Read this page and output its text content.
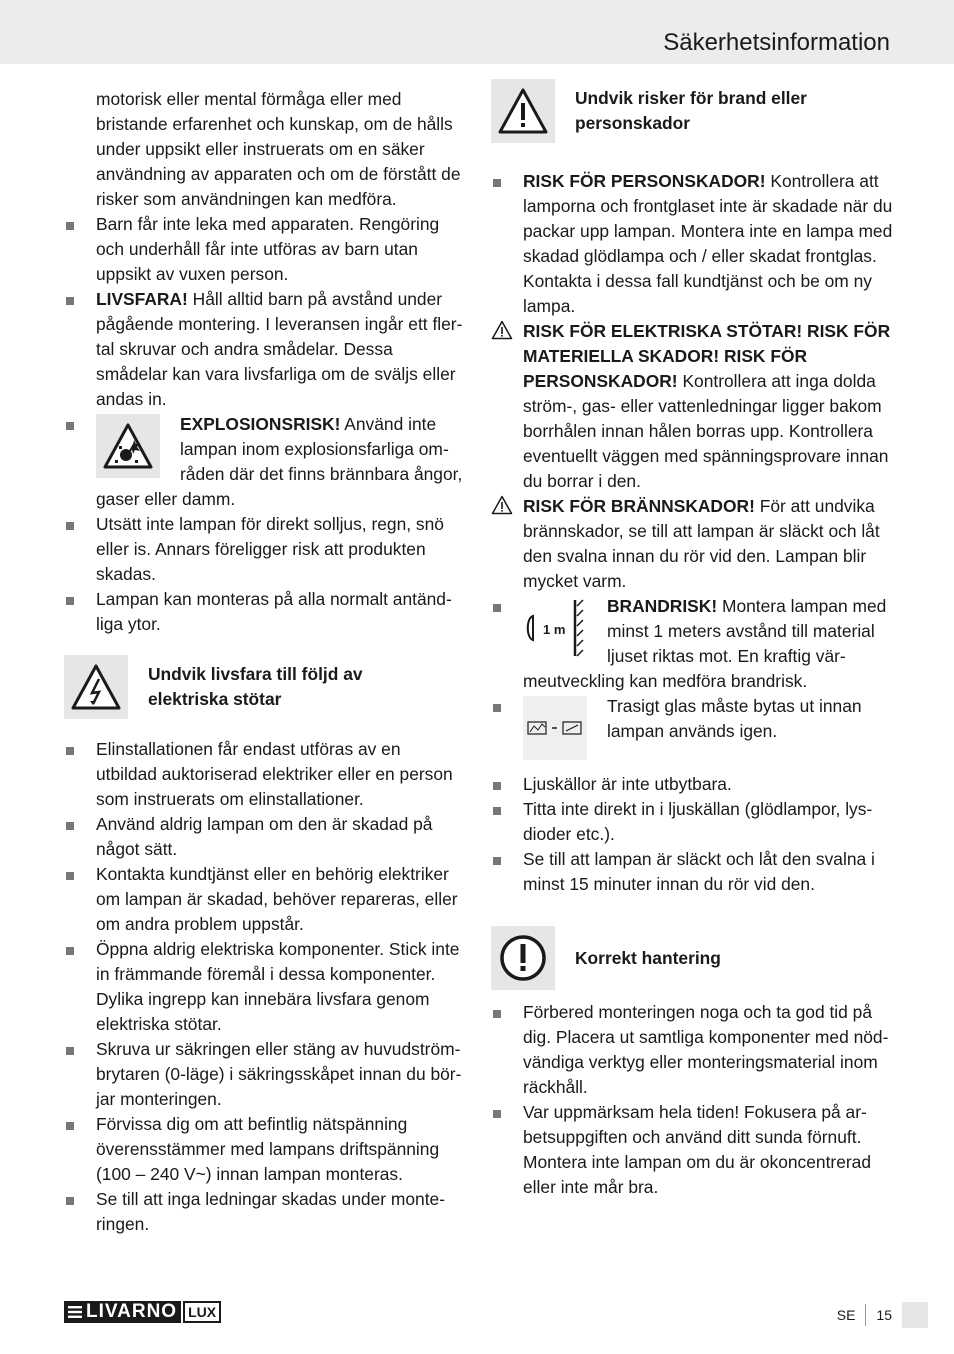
Säkerhetsinformation

motorisk eller mental förmåga eller med bristande erfarenhet och kunskap, om de hålls under uppsikt eller instruerats om en säker användning av apparaten och om de förstått de risker som användningen kan medföra.

Barn får inte leka med apparaten. Rengöring och underhåll får inte utföras av barn utan uppsikt av vuxen person.
LIVSFARA! Håll alltid barn på avstånd under pågående montering. I leveransen ingår ett flertal skruvar och andra smådelar. Dessa smådelar kan vara livsfarliga om de sväljs eller andas in.
EXPLOSIONSRISK! Använd inte lampan inom explosionsfarliga områden där det finns brännbara ångor, gaser eller damm.
Utsätt inte lampan för direkt solljus, regn, snö eller is. Annars föreligger risk att produkten skadas.
Lampan kan monteras på alla normalt antändliga ytor.
Undvik livsfara till följd av elektriska stötar
Elinstallationen får endast utföras av en utbildad auktoriserad elektriker eller en person som instruerats om elinstallationer.
Använd aldrig lampan om den är skadad på något sätt.
Kontakta kundtjänst eller en behörig elektriker om lampan är skadad, behöver repareras, eller om andra problem uppstår.
Öppna aldrig elektriska komponenter. Stick inte in främmande föremål i dessa komponenter. Dylika ingrepp kan innebära livsfara genom elektriska stötar.
Skruva ur säkringen eller stäng av huvudströmbrytaren (0-läge) i säkringsskåpet innan du börjar monteringen.
Förvissa dig om att befintlig nätspänning överensstämmer med lampans driftspänning (100 – 240 V~) innan lampan monteras.
Se till att inga ledningar skadas under monteringen.
Undvik risker för brand eller personskador
RISK FÖR PERSONSKADOR! Kontrollera att lamporna och frontglaset inte är skadade när du packar upp lampan. Montera inte en lampa med skadad glödlampa och / eller skadat frontglas. Kontakta i dessa fall kundtjänst och be om ny lampa.
RISK FÖR ELEKTRISKA STÖTAR! RISK FÖR MATERIELLA SKADOR! RISK FÖR PERSONSKADOR! Kontrollera att inga dolda ström-, gas- eller vattenledningar ligger bakom borrhålen innan hålen borras upp. Kontrollera eventuellt väggen med spänningsprovare innan du borrar i den.
RISK FÖR BRÄNNSKADOR! För att undvika brännskador, se till att lampan är släckt och låt den svalna innan du rör vid den. Lampan blir mycket varm.
1 m
BRANDRISK! Montera lampan med minst 1 meters avstånd till material ljuset riktas mot. En kraftig värmeutveckling kan medföra brandrisk.
Trasigt glas måste bytas ut innan lampan används igen.
Ljuskällor är inte utbytbara.
Titta inte direkt in i ljuskällan (glödlampor, lysdioder etc.).
Se till att lampan är släckt och låt den svalna i minst 15 minuter innan du rör vid den.
Korrekt hantering
Förbered monteringen noga och ta god tid på dig. Placera ut samtliga komponenter med nödvändiga verktyg eller monteringsmaterial inom räckhåll.
Var uppmärksam hela tiden! Fokusera på arbetsuppgiften och använd ditt sunda förnuft. Montera inte lampan om du är okoncentrerad eller inte mår bra.
LIVARNO LUX	SE 15
